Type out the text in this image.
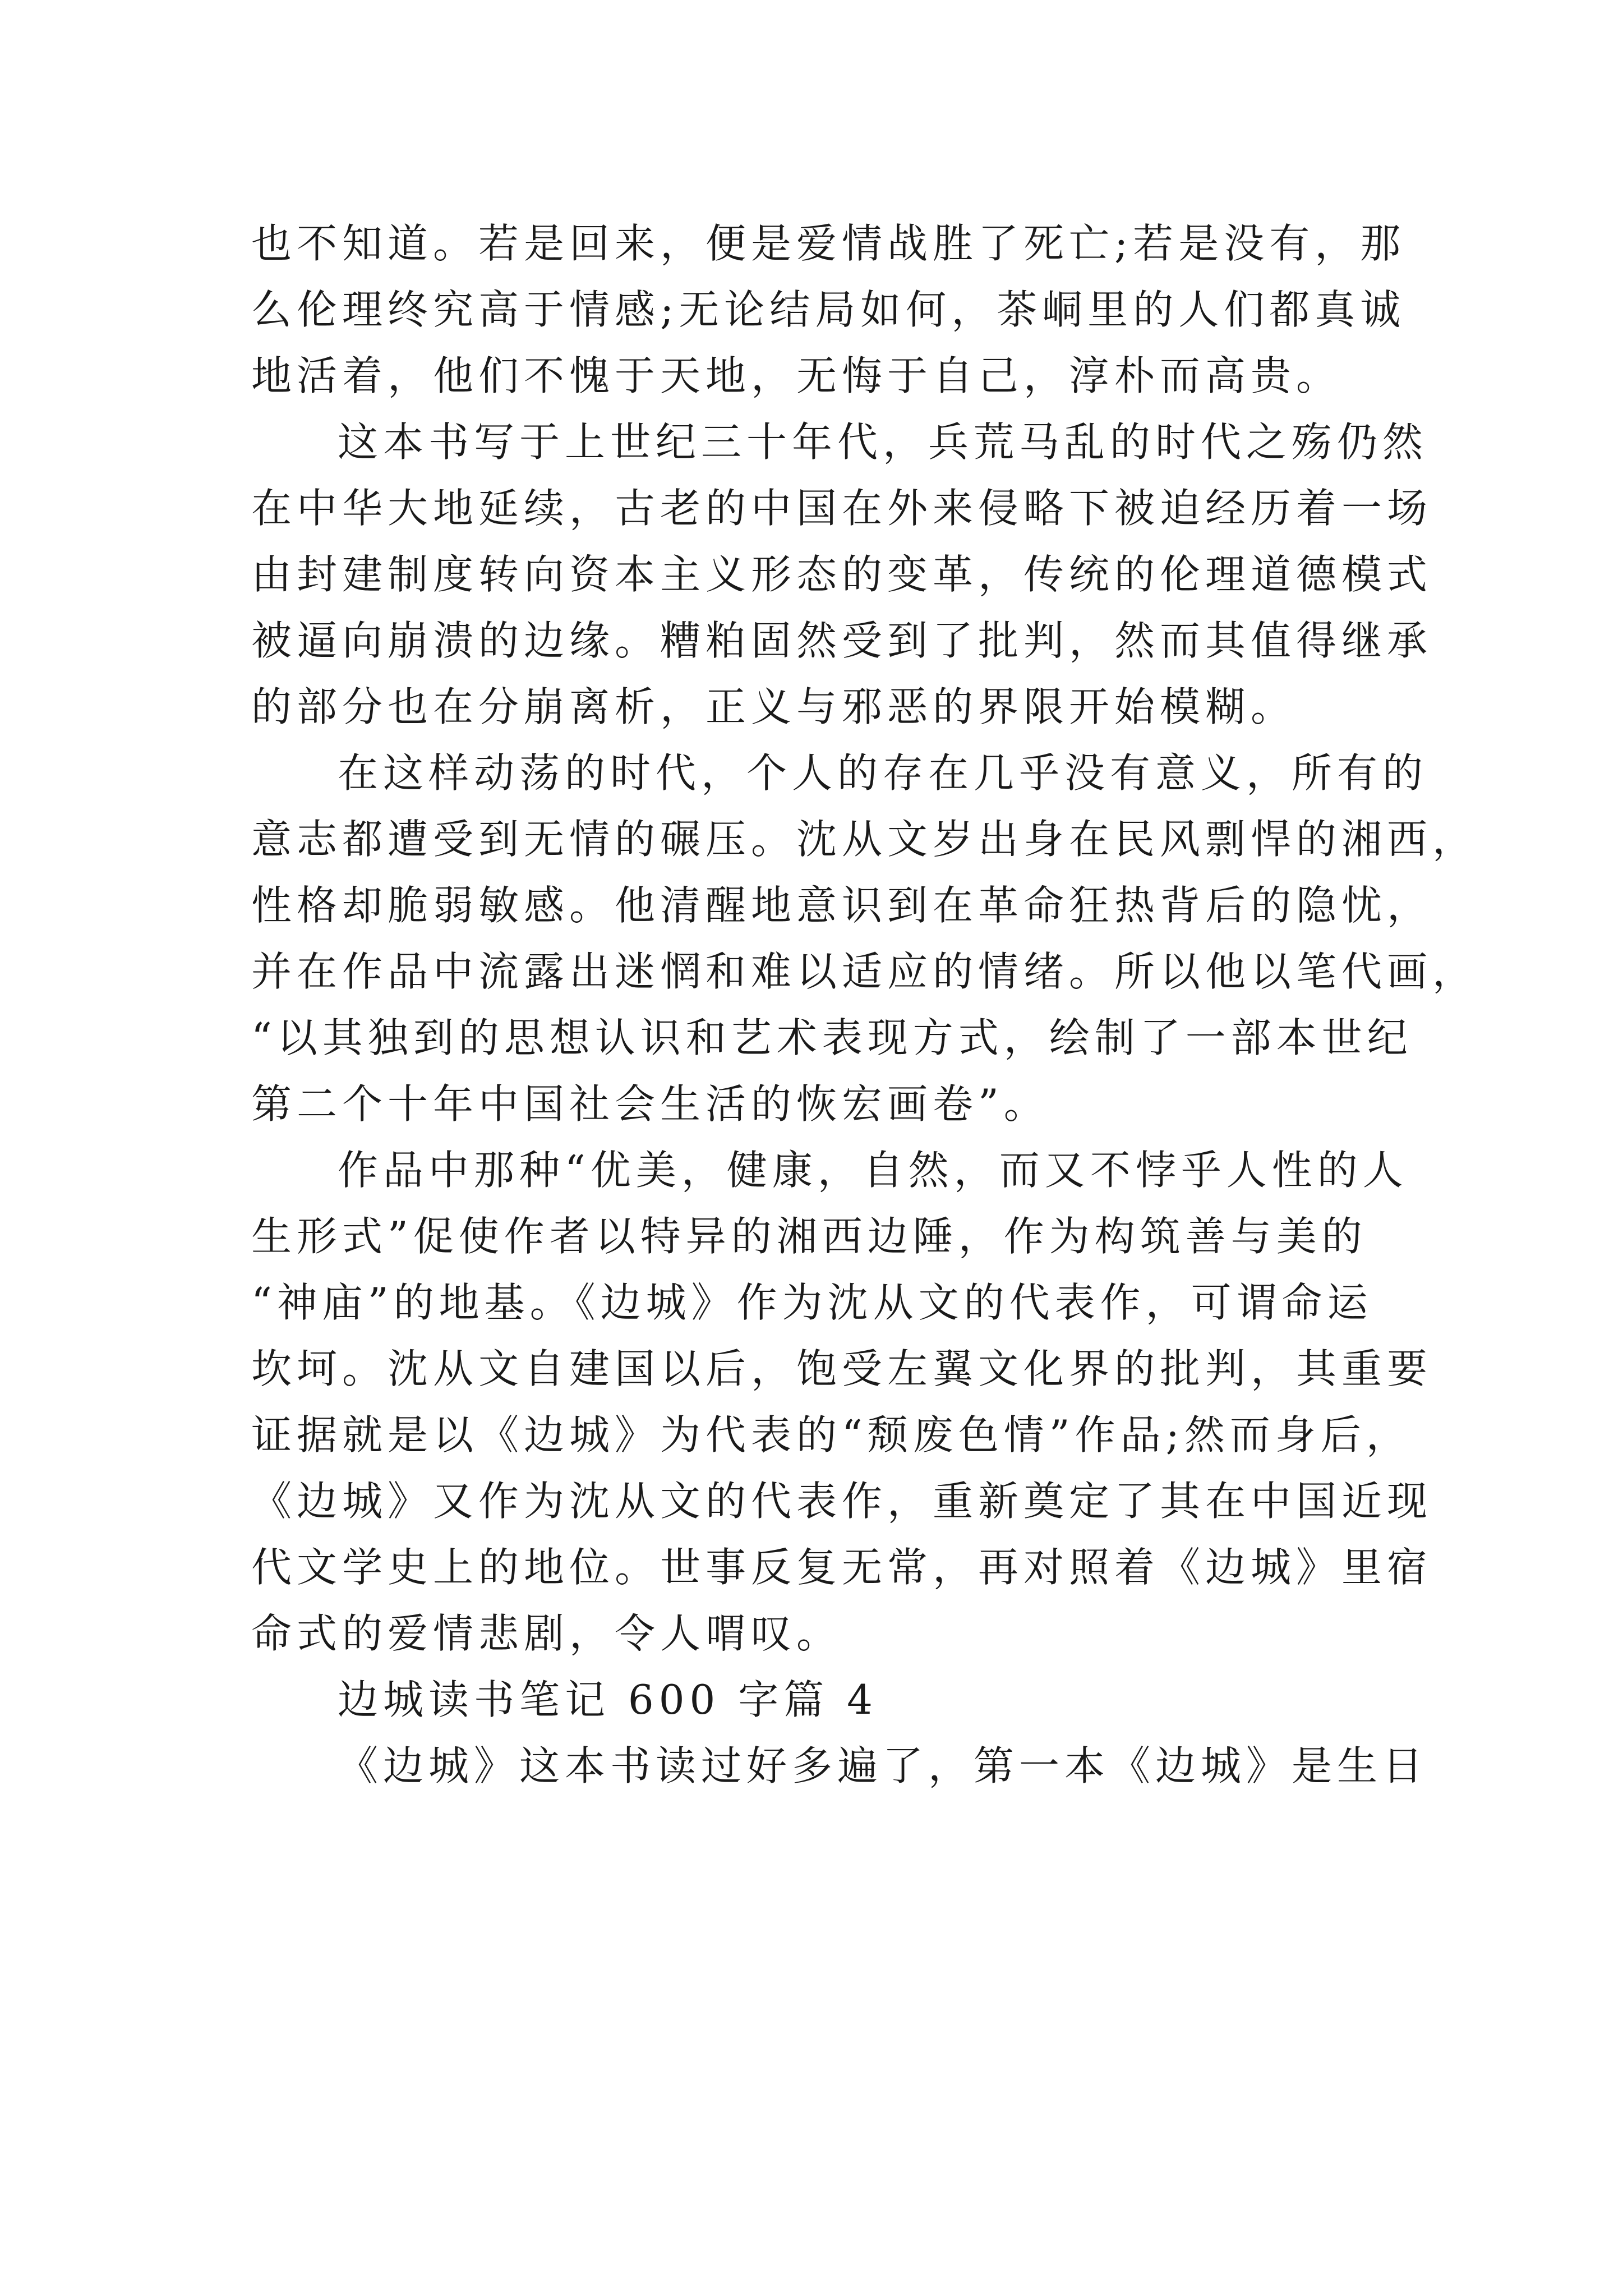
也不知道。若是回来，便是爱情战胜了死亡;若是没有，那
么伦理终究高于情感;无论结局如何，茶峒里的人们都真诚
地活着，他们不愧于天地，无悔于自己，淳朴而高贵。
这本书写于上世纪三十年代，兵荒马乱的时代之殇仍然
在中华大地延续，古老的中国在外来侵略下被迫经历着一场
由封建制度转向资本主义形态的变革，传统的伦理道德模式
被逼向崩溃的边缘。糟粕固然受到了批判，然而其值得继承
的部分也在分崩离析，正义与邪恶的界限开始模糊。
在这样动荡的时代，个人的存在几乎没有意义，所有的
意志都遭受到无情的碾压。沈从文岁出身在民风剽悍的湘西，
性格却脆弱敏感。他清醒地意识到在革命狂热背后的隐忧，
并在作品中流露出迷惘和难以适应的情绪。所以他以笔代画，
“以其独到的思想认识和艺术表现方式，绘制了一部本世纪
第二个十年中国社会生活的恢宏画卷”。
作品中那种“优美，健康，自然，而又不悖乎人性的人
生形式”促使作者以特异的湘西边陲，作为构筑善与美的
“神庙”的地基。《边城》作为沈从文的代表作，可谓命运
坎坷。沈从文自建国以后，饱受左翼文化界的批判，其重要
证据就是以《边城》为代表的“颓废色情”作品;然而身后，
《边城》又作为沈从文的代表作，重新奠定了其在中国近现
代文学史上的地位。世事反复无常，再对照着《边城》里宿
命式的爱情悲剧，令人喟叹。
边城读书笔记 600 字篇 4
《边城》这本书读过好多遍了，第一本《边城》是生日
